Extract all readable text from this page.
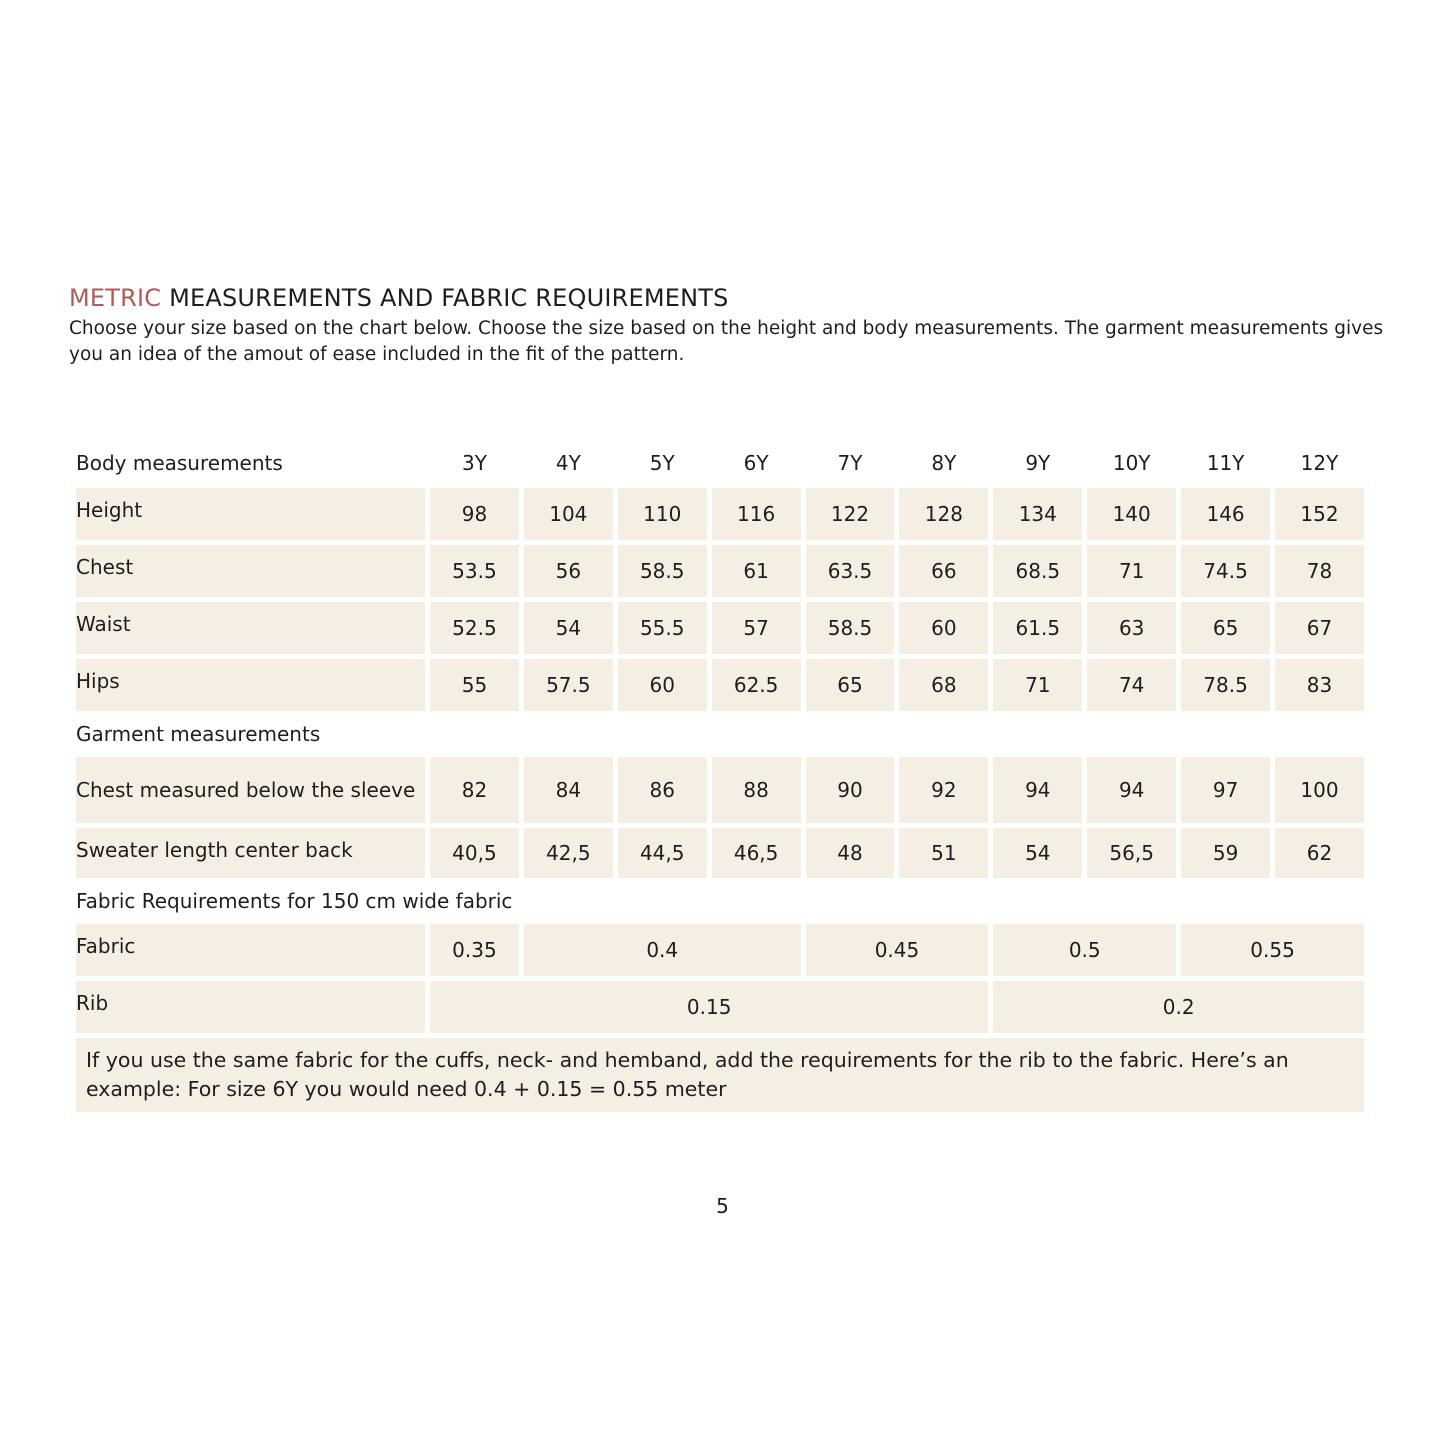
METRIC MEASUREMENTS AND FABRIC REQUIREMENTS
Choose your size based on the chart below. Choose the size based on the height and body measurements. The garment measurements gives you an idea of the amout of ease included in the fit of the pattern.
Body measurements	3Y	4Y	5Y	6Y	7Y	8Y	9Y	10Y	11Y	12Y
Height	98	104	110	116	122	128	134	140	146	152
Chest	53.5	56	58.5	61	63.5	66	68.5	71	74.5	78
Waist	52.5	54	55.5	57	58.5	60	61.5	63	65	67
Hips	55	57.5	60	62.5	65	68	71	74	78.5	83
Garment measurements										
Chest measured below the sleeve	82	84	86	88	90	92	94	94	97	100
Sweater length center back	40,5	42,5	44,5	46,5	48	51	54	56,5	59	62
Fabric Requirements for 150 cm wide fabric										
Fabric	0.35	0.4			0.45		0.5		0.55	
Rib	0.15						0.2			
If you use the same fabric for the cuffs, neck- and hemband, add the requirements for the rib to the fabric. Here’s an example: For size 6Y you would need 0.4 + 0.15 = 0.55 meter										
5
